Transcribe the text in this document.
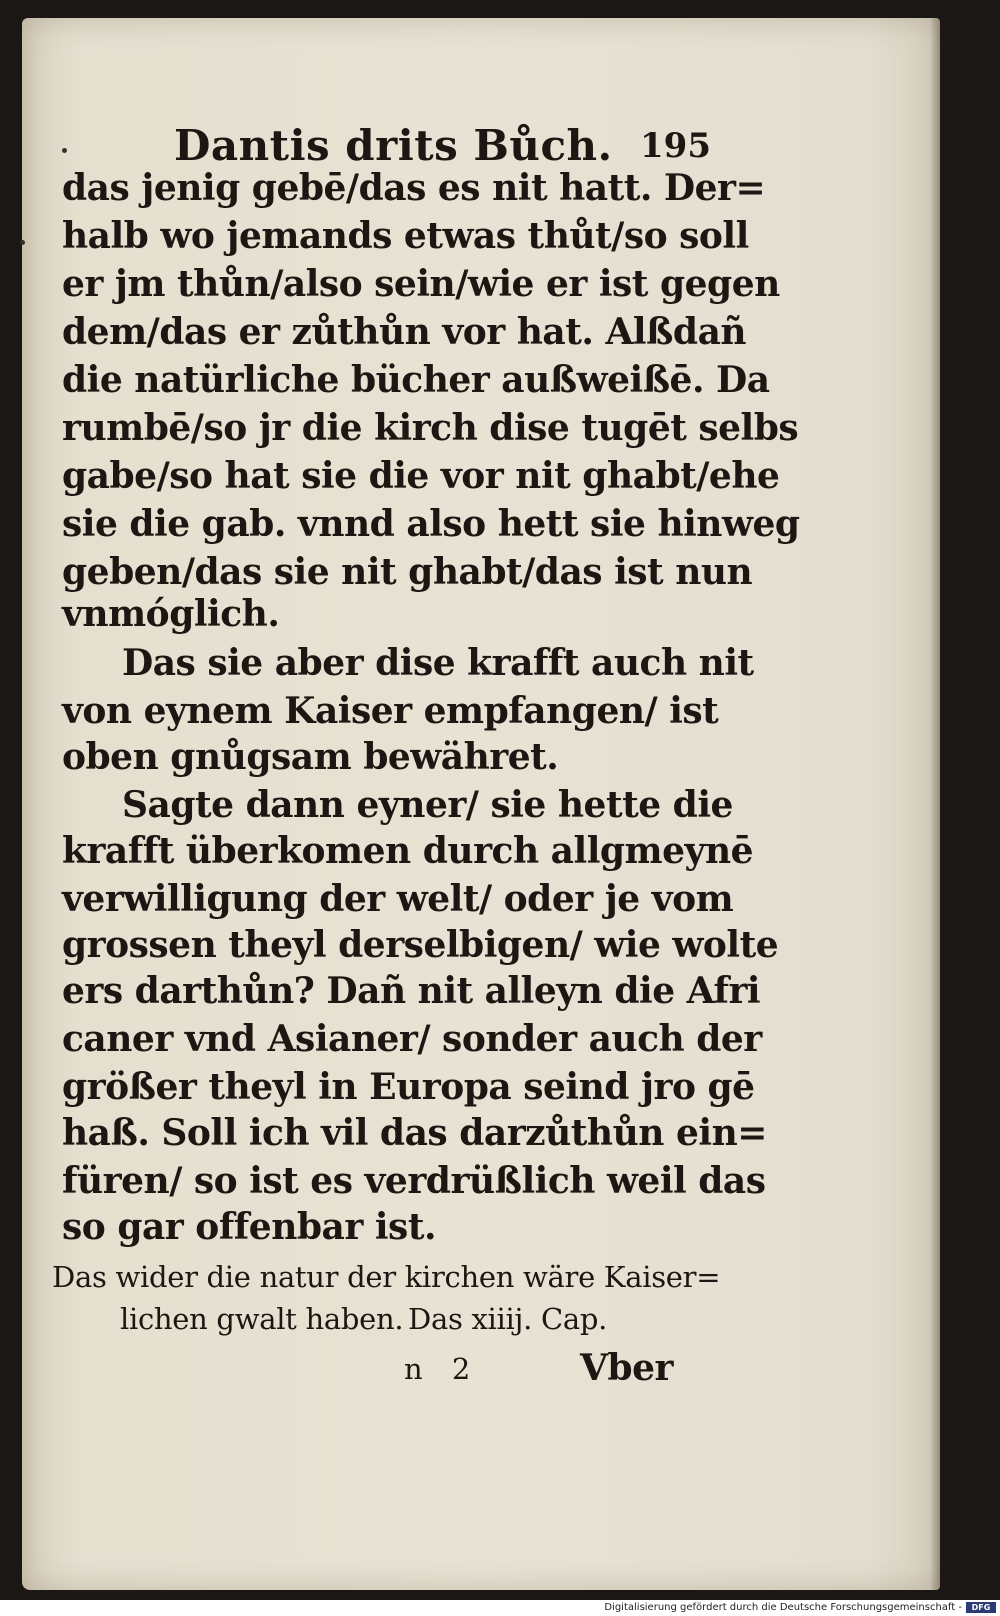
Dantis drits Bůch. 195
das jenig gebē/das es nit hatt. Der=
halb wo jemands etwas thůt/so soll
er jm thůn/also sein/wie er ist gegen
dem/das er zůthůn vor hat. Alßdañ
die natürliche bücher außweißē. Da
rumbē/so jr die kirch dise tugēt selbs
gabe/so hat sie die vor nit ghabt/ehe
sie die gab. vnnd also hett sie hinweg
geben/das sie nit ghabt/das ist nun
vnmóglich.
Das sie aber dise krafft auch nit
von eynem Kaiser empfangen/ ist
oben gnůgsam bewähret.
Sagte dann eyner/ sie hette die
krafft überkomen durch allgmeynē
verwilligung der welt/ oder je vom
grossen theyl derselbigen/ wie wolte
ers darthůn? Dañ nit alleyn die Afri
caner vnd Asianer/ sonder auch der
größer theyl in Europa seind jro gē
haß. Soll ich vil das darzůthůn ein=
füren/ so ist es verdrüßlich weil das
so gar offenbar ist.
Das wider die natur der kirchen wäre Kaiser=
lichen gwalt haben. Das xiiij. Cap.
n 2	Vber
Digitalisierung gefördert durch die Deutsche Forschungsgemeinschaft -	DFG
